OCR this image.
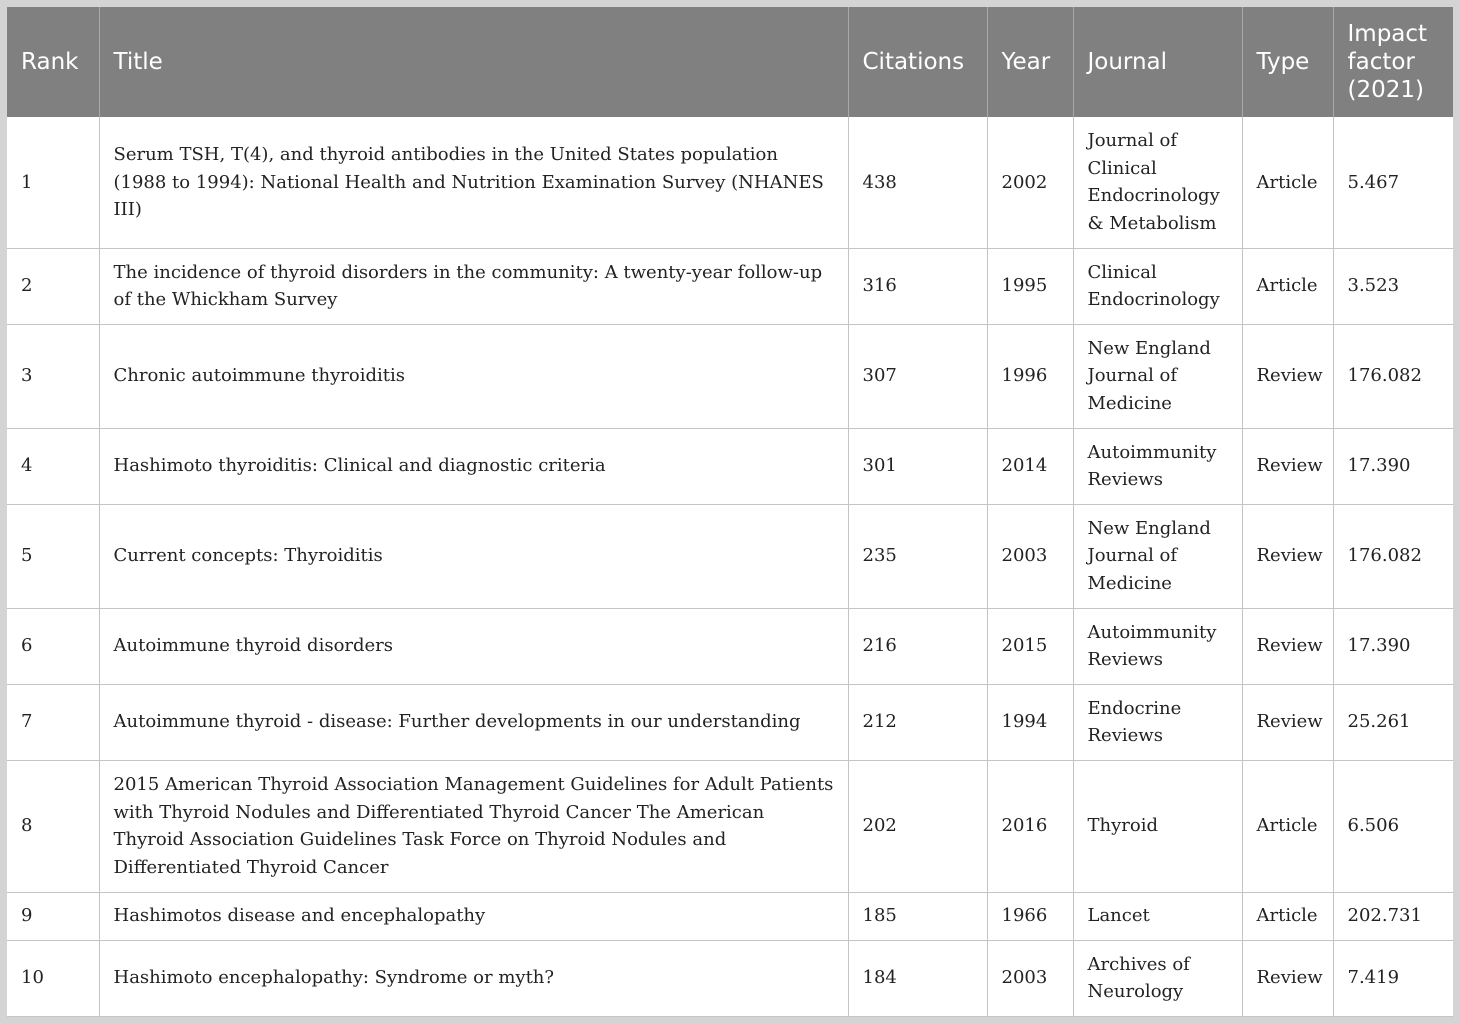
Rank	Title	Citations	Year	Journal	Type	Impact factor (2021)
1	Serum TSH, T(4), and thyroid antibodies in the United States population (1988 to 1994): National Health and Nutrition Examination Survey (NHANES III)	438	2002	Journal of Clinical Endocrinology & Metabolism	Article	5.467
2	The incidence of thyroid disorders in the community: A twenty-year follow-up of the Whickham Survey	316	1995	Clinical Endocrinology	Article	3.523
3	Chronic autoimmune thyroiditis	307	1996	New England Journal of Medicine	Review	176.082
4	Hashimoto thyroiditis: Clinical and diagnostic criteria	301	2014	Autoimmunity Reviews	Review	17.390
5	Current concepts: Thyroiditis	235	2003	New England Journal of Medicine	Review	176.082
6	Autoimmune thyroid disorders	216	2015	Autoimmunity Reviews	Review	17.390
7	Autoimmune thyroid - disease: Further developments in our understanding	212	1994	Endocrine Reviews	Review	25.261
8	2015 American Thyroid Association Management Guidelines for Adult Patients with Thyroid Nodules and Differentiated Thyroid Cancer The American Thyroid Association Guidelines Task Force on Thyroid Nodules and Differentiated Thyroid Cancer	202	2016	Thyroid	Article	6.506
9	Hashimotos disease and encephalopathy	185	1966	Lancet	Article	202.731
10	Hashimoto encephalopathy: Syndrome or myth?	184	2003	Archives of Neurology	Review	7.419
